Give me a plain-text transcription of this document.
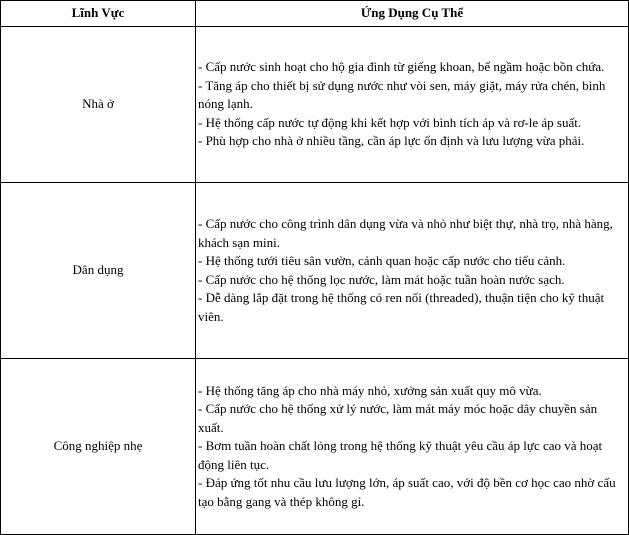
Lĩnh Vực	Ứng Dụng Cụ Thể
Nhà ở	- Cấp nước sinh hoạt cho hộ gia đình từ giếng khoan, bể ngầm hoặc bồn chứa.
- Tăng áp cho thiết bị sử dụng nước như vòi sen, máy giặt, máy rửa chén, bình nóng lạnh.
- Hệ thống cấp nước tự động khi kết hợp với bình tích áp và rơ-le áp suất.
- Phù hợp cho nhà ở nhiều tầng, cần áp lực ổn định và lưu lượng vừa phải.

Dân dụng	- Cấp nước cho công trình dân dụng vừa và nhỏ như biệt thự, nhà trọ, nhà hàng, khách sạn mini.
- Hệ thống tưới tiêu sân vườn, cảnh quan hoặc cấp nước cho tiểu cảnh.
- Cấp nước cho hệ thống lọc nước, làm mát hoặc tuần hoàn nước sạch.
- Dễ dàng lắp đặt trong hệ thống có ren nối (threaded), thuận tiện cho kỹ thuật viên.

Công nghiệp nhẹ	- Hệ thống tăng áp cho nhà máy nhỏ, xưởng sản xuất quy mô vừa.
- Cấp nước cho hệ thống xử lý nước, làm mát máy móc hoặc dây chuyền sản xuất.
- Bơm tuần hoàn chất lỏng trong hệ thống kỹ thuật yêu cầu áp lực cao và hoạt động liên tục.
- Đáp ứng tốt nhu cầu lưu lượng lớn, áp suất cao, với độ bền cơ học cao nhờ cấu tạo bằng gang và thép không gỉ.
